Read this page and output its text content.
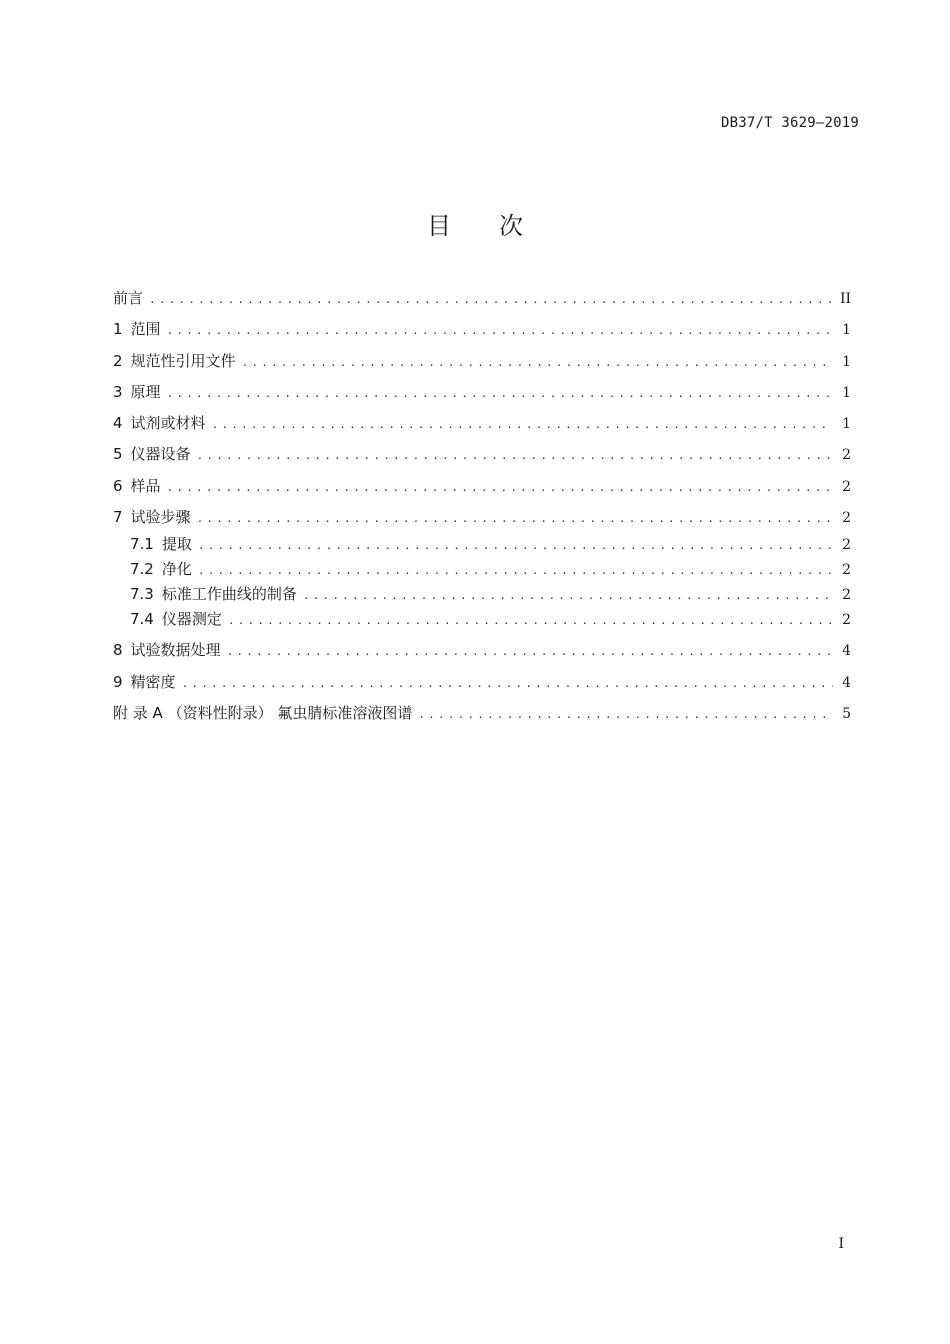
DB37/T 3629—2019
目次
前言 .....	II
1 范围 .....	1
2 规范性引用文件 .....	1
3 原理 .....	1
4 试剂或材料 .....	1
5 仪器设备 .....	2
6 样品 .....	2
7 试验步骤 .....	2
7.1 提取 .....	2
7.2 净化 .....	2
7.3 标准工作曲线的制备 .....	2
7.4 仪器测定 .....	2
8 试验数据处理 .....	4
9 精密度 .....	4
附 录 A （资料性附录） 氟虫腈标准溶液图谱 .....	5
I
